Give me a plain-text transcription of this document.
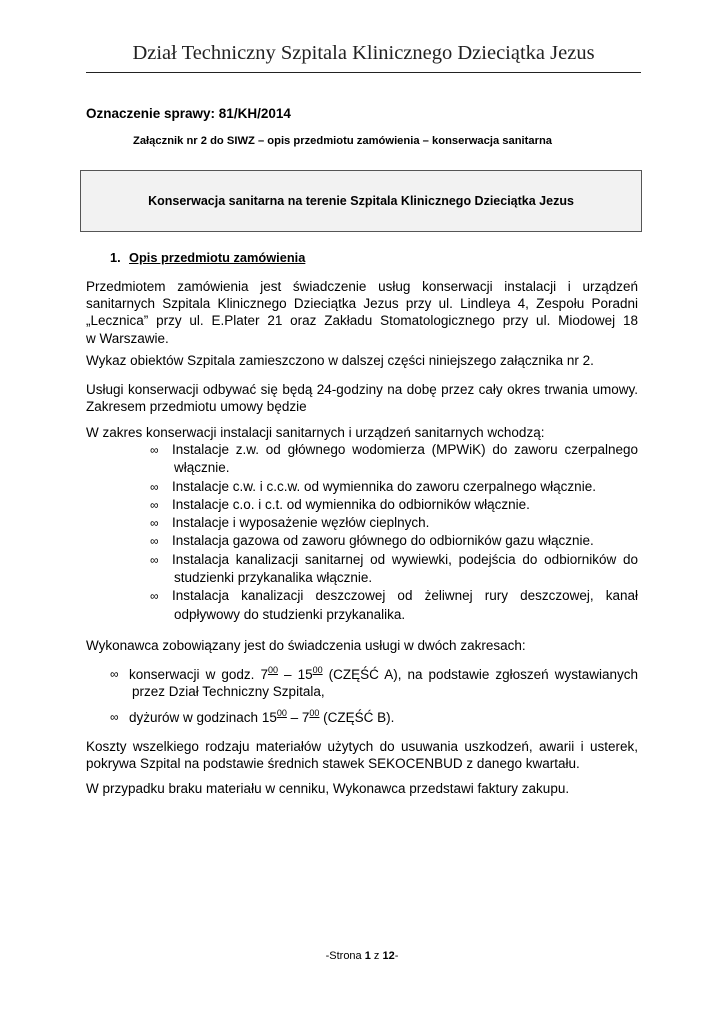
Dział Techniczny Szpitala Klinicznego Dzieciątka Jezus
Oznaczenie sprawy: 81/KH/2014
Załącznik nr 2 do SIWZ – opis przedmiotu zamówienia – konserwacja sanitarna
Konserwacja sanitarna na terenie Szpitala Klinicznego Dzieciątka Jezus
1. Opis przedmiotu zamówienia
Przedmiotem zamówienia jest świadczenie usług konserwacji instalacji i urządzeń
sanitarnych Szpitala Klinicznego Dzieciątka Jezus przy ul. Lindleya 4, Zespołu Poradni
„Lecznica” przy ul. E.Plater 21 oraz Zakładu Stomatologicznego przy ul. Miodowej 18
w Warszawie.
Wykaz obiektów Szpitala zamieszczono w dalszej części niniejszego załącznika nr 2.
Usługi konserwacji odbywać się będą 24-godziny na dobę przez cały okres trwania umowy.
Zakresem przedmiotu umowy będzie
W zakres konserwacji instalacji sanitarnych i urządzeń sanitarnych wchodzą:
∞ Instalacje z.w. od głównego wodomierza (MPWiK) do zaworu czerpalnego
włącznie.
∞ Instalacje c.w. i c.c.w. od wymiennika do zaworu czerpalnego włącznie.
∞ Instalacje c.o. i c.t. od wymiennika do odbiorników włącznie.
∞ Instalacje i wyposażenie węzłów cieplnych.
∞ Instalacja gazowa od zaworu głównego do odbiorników gazu włącznie.
∞ Instalacja kanalizacji sanitarnej od wywiewki, podejścia do odbiorników do
studzienki przykanalika włącznie.
∞ Instalacja kanalizacji deszczowej od żeliwnej rury deszczowej, kanał
odpływowy do studzienki przykanalika.
Wykonawca zobowiązany jest do świadczenia usługi w dwóch zakresach:
∞ konserwacji w godz. $7^{00} - 15^{00}$ (CZĘŚĆ A), na podstawie zgłoszeń wystawianych
przez Dział Techniczny Szpitala,
∞ dyżurów w godzinach $15^{00} - 7^{00}$ (CZĘŚĆ B).
Koszty wszelkiego rodzaju materiałów użytych do usuwania uszkodzeń, awarii i usterek,
pokrywa Szpital na podstawie średnich stawek SEKOCENBUD z danego kwartału.
W przypadku braku materiału w cenniku, Wykonawca przedstawi faktury zakupu.
-Strona 1 z 12-
